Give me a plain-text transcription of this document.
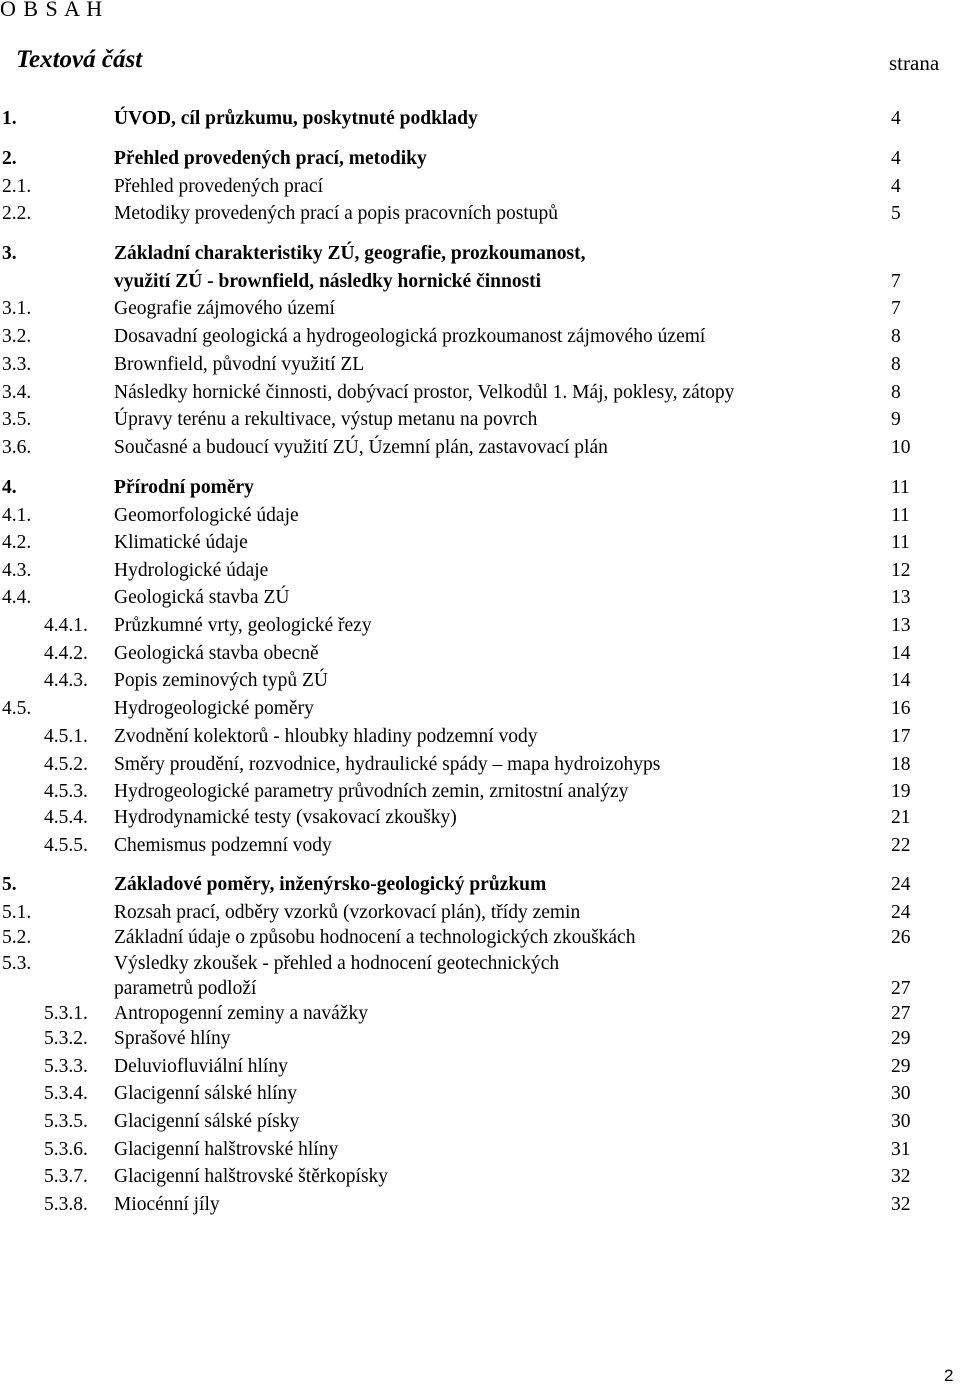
O B S A H
Textová část	strana
1.	ÚVOD, cíl průzkumu, poskytnuté podklady	4
2.	Přehled provedených prací, metodiky	4
2.1.	Přehled provedených prací	4
2.2.	Metodiky provedených prací a popis pracovních postupů	5
3.	Základní charakteristiky ZÚ, geografie, prozkoumanost,
využití ZÚ - brownfield, následky hornické činnosti	7
3.1.	Geografie zájmového území	7
3.2.	Dosavadní geologická a hydrogeologická prozkoumanost zájmového území	8
3.3.	Brownfield, původní využití ZL	8
3.4.	Následky hornické činnosti, dobývací prostor, Velkodůl 1. Máj, poklesy, zátopy	8
3.5.	Úpravy terénu a rekultivace, výstup metanu na povrch	9
3.6.	Současné a budoucí využití ZÚ, Územní plán, zastavovací plán	10
4.	Přírodní poměry	11
4.1.	Geomorfologické údaje	11
4.2.	Klimatické údaje	11
4.3.	Hydrologické údaje	12
4.4.	Geologická stavba ZÚ	13
4.4.1. Průzkumné vrty, geologické řezy	13
4.4.2. Geologická stavba obecně	14
4.4.3. Popis zeminových typů ZÚ	14
4.5.	Hydrogeologické poměry	16
4.5.1. Zvodnění kolektorů - hloubky hladiny podzemní vody	17
4.5.2. Směry proudění, rozvodnice, hydraulické spády – mapa hydroizohyps	18
4.5.3. Hydrogeologické parametry průvodních zemin, zrnitostní analýzy	19
4.5.4. Hydrodynamické testy (vsakovací zkoušky)	21
4.5.5. Chemismus podzemní vody	22
5.	Základové poměry, inženýrsko-geologický průzkum	24
5.1.	Rozsah prací, odběry vzorků (vzorkovací plán), třídy zemin	24
5.2.	Základní údaje o způsobu hodnocení a technologických zkouškách	26
5.3.	Výsledky zkoušek - přehled a hodnocení geotechnických
parametrů podloží	27
5.3.1. Antropogenní zeminy a navážky	27
5.3.2. Sprašové hlíny	29
5.3.3. Deluviofluviální hlíny	29
5.3.4. Glacigenní sálské hlíny	30
5.3.5. Glacigenní sálské písky	30
5.3.6. Glacigenní halštrovské hlíny	31
5.3.7. Glacigenní halštrovské štěrkopísky	32
5.3.8. Miocénní jíly	32
2
